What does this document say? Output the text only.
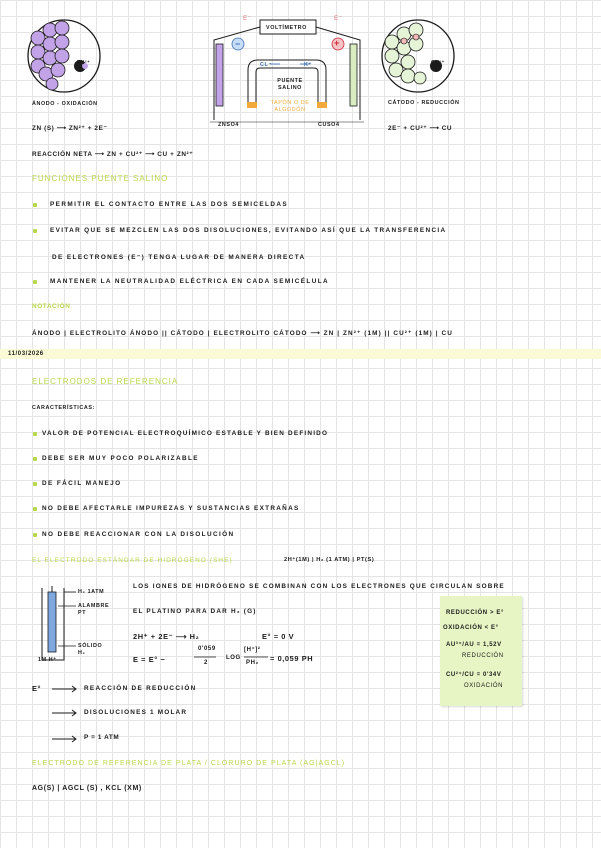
E⁻	E⁻
VOLTÍMETRO
−	+
PUENTE SALINO
CL⁻	K⁺
TAPÓN O DE ALGODÓN
ZN²⁺	CU²⁺
ÁNODO - OXIDACIÓN	CÁTODO - REDUCCIÓN
ZNSO4	CUSO4
ZN (S) ⟶ ZN²⁺ + 2E⁻	2E⁻ + CU²⁺ ⟶ CU
REACCIÓN NETA ⟶ ZN + CU²⁺ ⟶ CU + ZN²⁺
FUNCIONES PUENTE SALINO
PERMITIR EL CONTACTO ENTRE LAS DOS SEMICELDAS
EVITAR QUE SE MEZCLEN LAS DOS DISOLUCIONES, EVITANDO ASÍ QUE LA TRANSFERENCIA
DE ELECTRONES (E⁻) TENGA LUGAR DE MANERA DIRECTA
MANTENER LA NEUTRALIDAD ELÉCTRICA EN CADA SEMICÉLULA
NOTACIÓN
ÁNODO | ELECTROLITO ÁNODO || CÁTODO | ELECTROLITO CÁTODO ⟶ ZN | ZN²⁺ (1M) || CU²⁺ (1M) | CU
11/03/2026
ELECTRODOS DE REFERENCIA
CARACTERÍSTICAS:
VALOR DE POTENCIAL ELECTROQUÍMICO ESTABLE Y BIEN DEFINIDO
DEBE SER MUY POCO POLARIZABLE
DE FÁCIL MANEJO
NO DEBE AFECTARLE IMPUREZAS Y SUSTANCIAS EXTRAÑAS
NO DEBE REACCIONAR CON LA DISOLUCIÓN
EL ELECTRODO ESTÁNDAR DE HIDRÓGENO (SHE)	2H⁺(1M) | H₂ (1 ATM) | PT(S)
H₂ 1ATM
ALAMBRE PT
SÓLIDO H₂
1M H⁺
LOS IONES DE HIDRÓGENO SE COMBINAN CON LOS ELECTRONES QUE CIRCULAN SOBRE
EL PLATINO PARA DAR H₂ (G)
2H⁺ + 2E⁻ ⟶ H₂	E° = 0 V
E = E° −
0'059
2
LOG
[H⁺]²
PH₂ = 0,059 PH
E°	REACCIÓN DE REDUCCIÓN
DISOLUCIONES 1 MOLAR
P = 1 ATM
REDUCCIÓN > E°
OXIDACIÓN < E°
AU³⁺/AU = 1,52V
REDUCCIÓN
CU²⁺/CU = 0'34V
OXIDACIÓN
ELECTRODO DE REFERENCIA DE PLATA / CLORURO DE PLATA (AG|AGCL)
AG(S) | AGCL (S) , KCL (XM)
